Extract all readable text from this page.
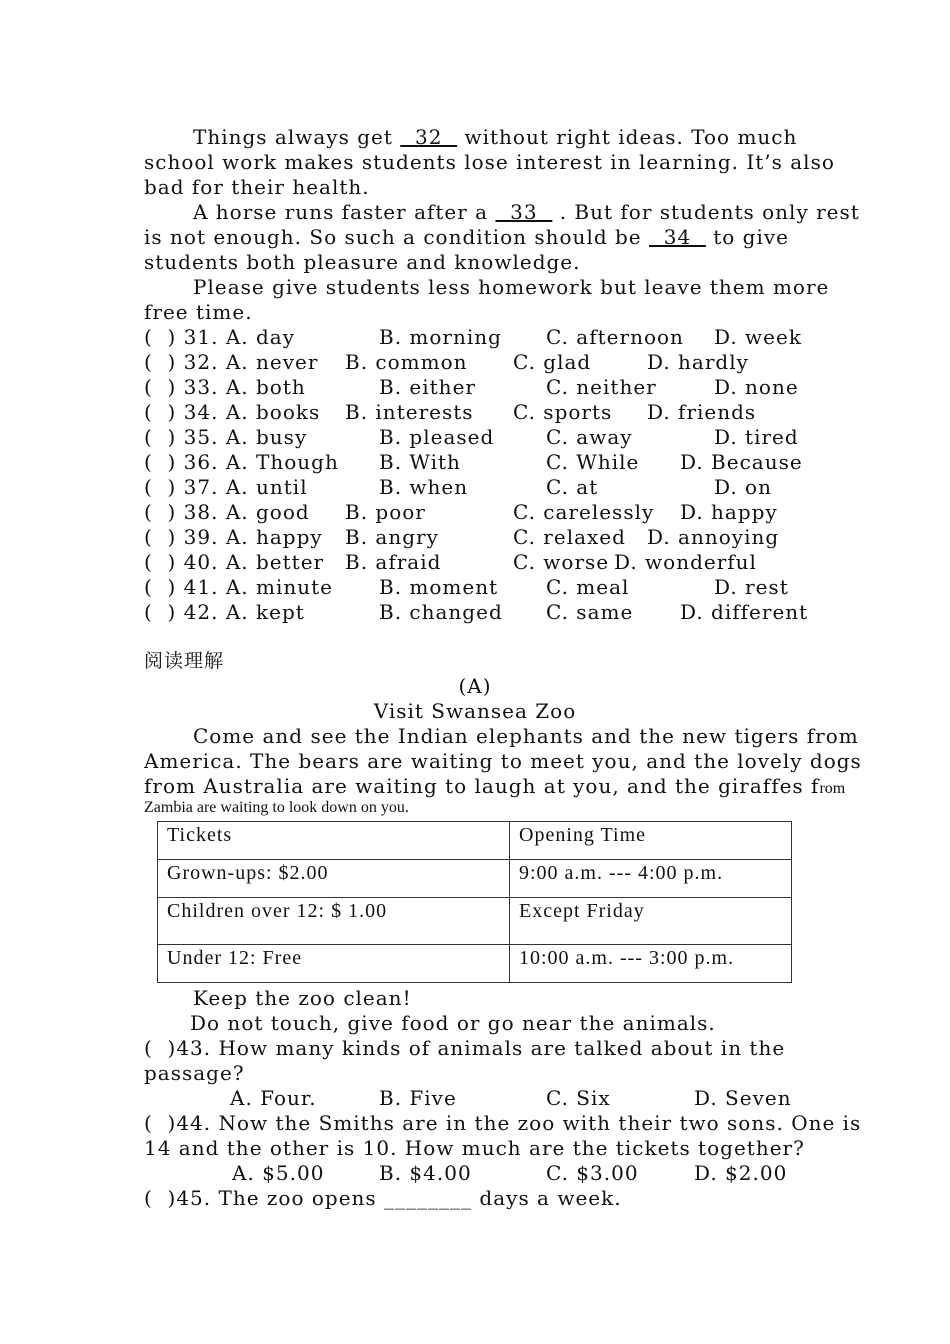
Things always get   32   without right ideas. Too much
school work makes students lose interest in learning. It’s also
bad for their health.
A horse runs faster after a   33   . But for students only rest
is not enough. So such a condition should be   34   to give
students both pleasure and knowledge.
Please give students less homework but leave them more
free time.
(  ) 31. A. day	B. morning C. afternoon D. week
(  ) 32. A. never B. common C. glad	D. hardly
(  ) 33. A. both	B. either	C. neither	D. none
(  ) 34. A. books B. interests C. sports D. friends
(  ) 35. A. busy	B. pleased	C. away	D. tired
(  ) 36. A. Though B. With	C. While D. Because
(  ) 37. A. until	B. when	C. at	D. on
(  ) 38. A. good B. poor	C. carelessly D. happy
(  ) 39. A. happy B. angry	C. relaxed D. annoying
(  ) 40. A. better B. afraid	C. worse D. wonderful
(  ) 41. A. minute B. moment C. meal	D. rest
(  ) 42. A. kept	B. changed C. same D. different
阅读理解
(A)
Visit Swansea Zoo
Come and see the Indian elephants and the new tigers from
America. The bears are waiting to meet you, and the lovely dogs
from Australia are waiting to laugh at you, and the giraffes from
Zambia are waiting to look down on you.
Tickets	Opening Time
Grown-ups: $2.00	9:00 a.m. --- 4:00 p.m.
Children over 12: $ 1.00	Except Friday
Under 12: Free	10:00 a.m. --- 3:00 p.m.
Keep the zoo clean!
Do not touch, give food or go near the animals.
(  )43. How many kinds of animals are talked about in the
passage?
A. Four.	B. Five	C. Six	D. Seven
(  )44. Now the Smiths are in the zoo with their two sons. One is
14 and the other is 10. How much are the tickets together?
A. $5.00	B. $4.00	C. $3.00	D. $2.00
(  )45. The zoo opens ________ days a week.
